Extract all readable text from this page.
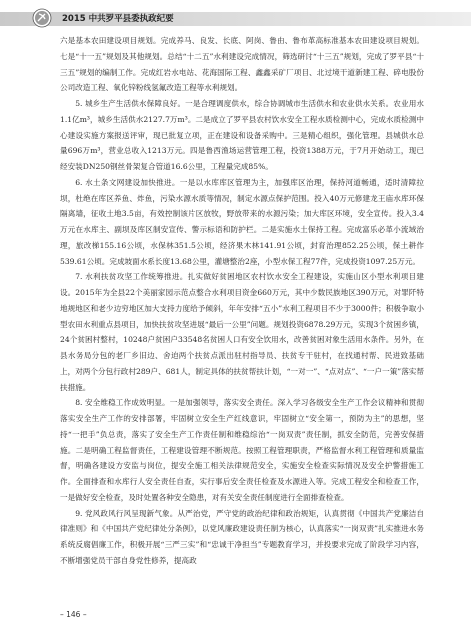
2015 中共罗平县委执政纪要

六是基本农田建设项目规划。完成养马、良发、长底、阿岗、鲁由、鲁布革高标准基本农田建设项目规划。七是“十一五”规划及其他规划。总结“十二五”水利建设完成情况，筛选研讨“十三五”规划，完成了罗平县“十三五”规划的编制工作。完成红岩水电站、花海国际工程、鑫鑫采矿厂项目、北过境干道新建工程、碎电股份公司改造工程、氧化锌粉线氢氟改造工程等水利规划。

5. 城乡生产生活供水保障良好。一是合理调度供水，综合协调城市生活供水和农业供水关系。农业用水1.1亿m³，城乡生活供水2127.7万m³。二是成立了罗平县农村饮水安全工程水质检测中心，完成水质检测中心建设实施方案报送评审，现已批复立项，正在建设和设备采购中。三是精心组织，强化管理。县城供水总量696万m³，营业总收入1213万元。四是鲁西渔场运营管理工程，投资1388万元，于7月开始动工，现已经安装DN250钢丝骨架复合管道16.6公里，工程量完成85%。

6. 水土条文网建设加快推进。一是以水库库区管理为主，加强库区治理，保持河道畅通，适时清障拉坝，杜绝在库区养鱼、炸鱼，污染水源水质等情况，制定水源点保护范围。投入40万元修建龙王庙水库环保隔离墙，征收土地3.5亩，有效控制该片区放牧，野放带来的水源污染；加大库区环境，安全宣传。投入3.4万元在水库主、副坝及库区制安宣传、警示标语和防护栏。二是实施水土保持工程。完成富乐必革小流域治理，旅改梯155.16公顷，水保林351.5公顷，经济果木林141.91公顷，封育治理852.25公顷，保土耕作539.61公顷。完成坡面水系长度13.68公里，灌塘整治2座，小型水保工程77件，完成投资1097.25万元。

7. 水利扶贫攻坚工作统筹推进。扎实做好贫困地区农村饮水安全工程建设，实施山区小型水利项目建设。2015年为全县22个美丽家园示范点整合水利项目资金660万元，其中少数民族地区390万元，对罪阡特地规地区和老少边穷地区加大支持力度给予倾斜，年年安排“五小”水利工程项目不少于3000件；积极争取小型农田水利重点县项目，加快扶贫攻坚进展“最后一公里”问题。规划投资6878.29万元，实现3个贫困乡镇，24个贫困村整村，10248户贫困户33548名贫困人口有安全饮用水，改善贫困对象生活用水条件。另外，在县水务局分包的老厂乡旧边、舍迫两个扶贫点派出驻村指导员、扶贫专干驻村，在找通村帮、民进致基础上，对两个分包行政村289户、681人，制定具体的扶贫帮扶计划，“一对一”、“点对点”、“一户一策”落实帮扶措施。

8. 安全维稳工作成效明显。一是加强领导，落实安全责任。深入学习各级安全生产工作会议精神和贯彻落实安全生产工作的安排部署，牢固树立安全生产红线意识，牢固树立“安全第一，预防为主”的思想，坚持“一把手”负总责，落实了安全生产工作责任制和维稳综治“一岗双责”责任制，抓安全防范，完善安保措施。二是明确工程监督责任，工程建设管理不断规范。按照工程管理职责，严格监督水利工程管理和质量监督，明确各建设方安监与岗位，提安全施工相关法律规范安全，实施安全检查实际情况及安全护警措施工作。全面排查和水库行人安全责任自查，实行事后安全责任检查及水源进入等。完成工程安全和检查工作，一是做好安全检查，及时处置各种安全隐患，对有关安全责任制度进行全面排查检查。

9. 党风政风行风呈现新气象。从严治党，严守党的政治纪律和政治规矩，认真贯彻《中国共产党廉洁自律准则》和《中国共产党纪律处分条例》，以党风廉政建设责任制为核心，认真落实“一岗双责”扎实推进水务系统反腐倡廉工作，积极开展“三严三实”和“忠诚干净担当”专题教育学习，并投要求完成了阶段学习内容，不断增强党员干部自身党性修养，提高政

– 146 –
